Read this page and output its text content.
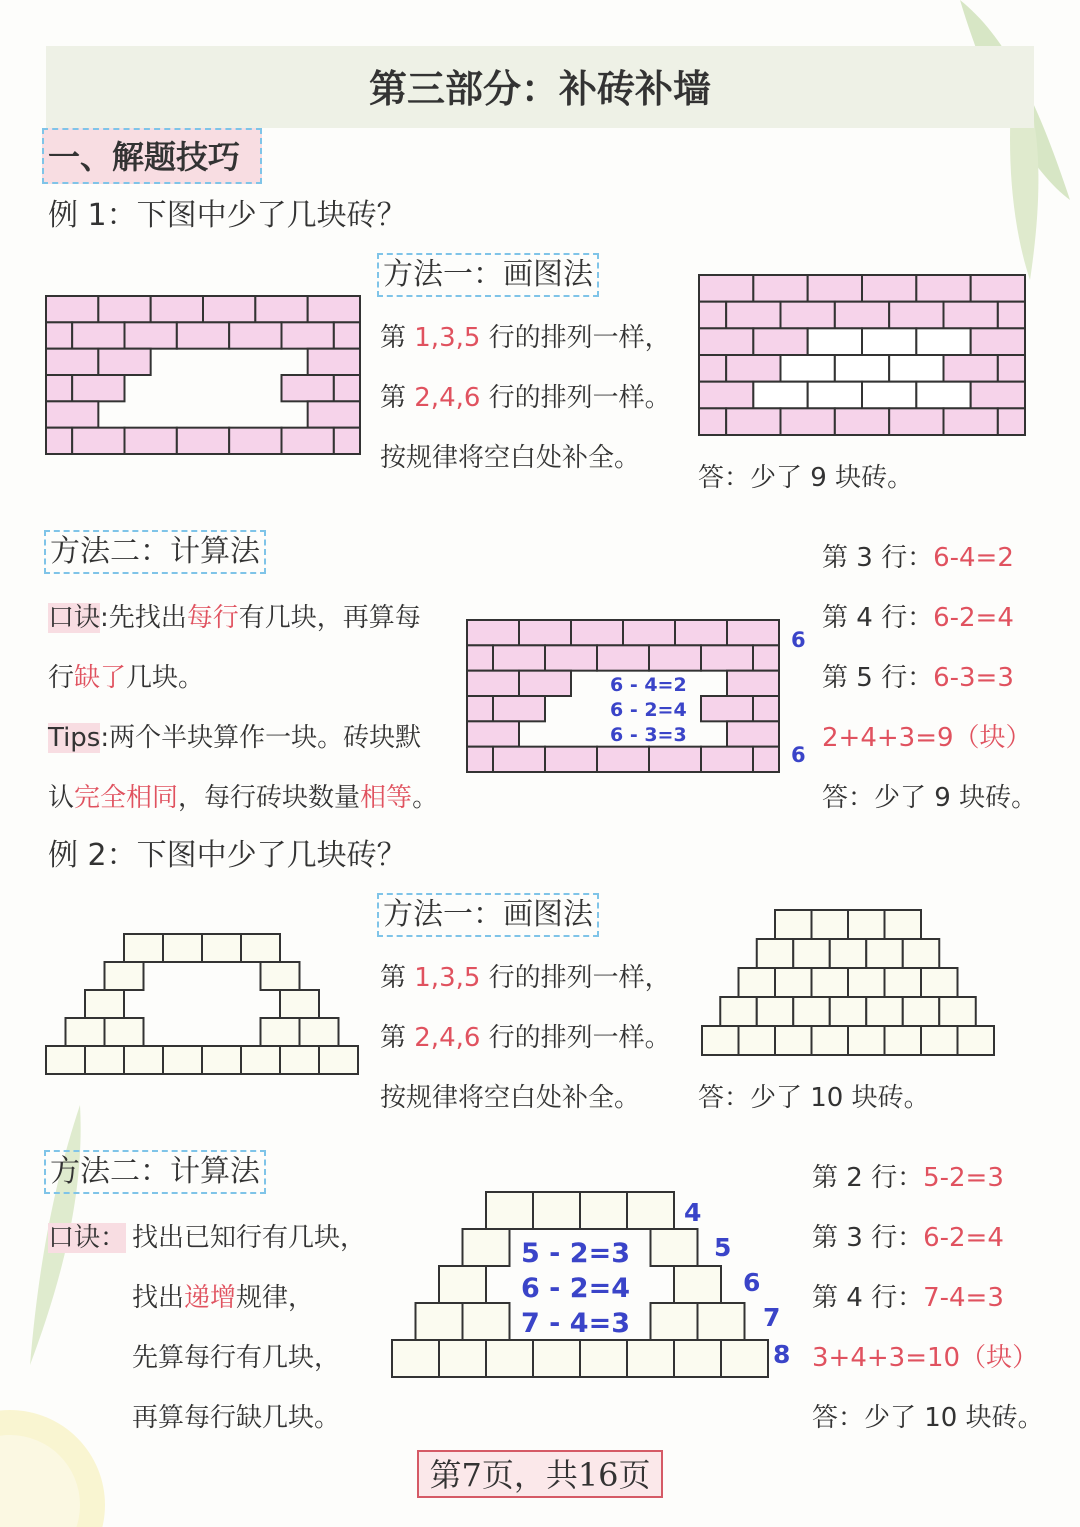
第三部分：补砖补墙
一、解题技巧
例 1：下图中少了几块砖？
方法一：画图法
第 1,3,5 行的排列一样，
第 2,4,6 行的排列一样。
按规律将空白处补全。
答：少了 9 块砖。
方法二：计算法
口诀:先找出每行有几块，再算每
行缺了几块。
Tips:两个半块算作一块。砖块默
认完全相同，每行砖块数量相等。
6 - 4=2
6 - 2=4
6 - 3=3
6
6
第 3 行：6-4=2
第 4 行：6-2=4
第 5 行：6-3=3
2+4+3=9（块）
答：少了 9 块砖。
例 2：下图中少了几块砖？
方法一：画图法
第 1,3,5 行的排列一样，
第 2,4,6 行的排列一样。
按规律将空白处补全。 答：少了 10 块砖。
方法二：计算法
口诀： 找出已知行有几块，
找出递增规律，
先算每行有几块，
再算每行缺几块。
5 - 2=3
6 - 2=4
7 - 4=3
4
5
6
7
8
第 2 行：5-2=3
第 3 行：6-2=4
第 4 行：7-4=3
3+4+3=10（块）
答：少了 10 块砖。
第7页，共16页
